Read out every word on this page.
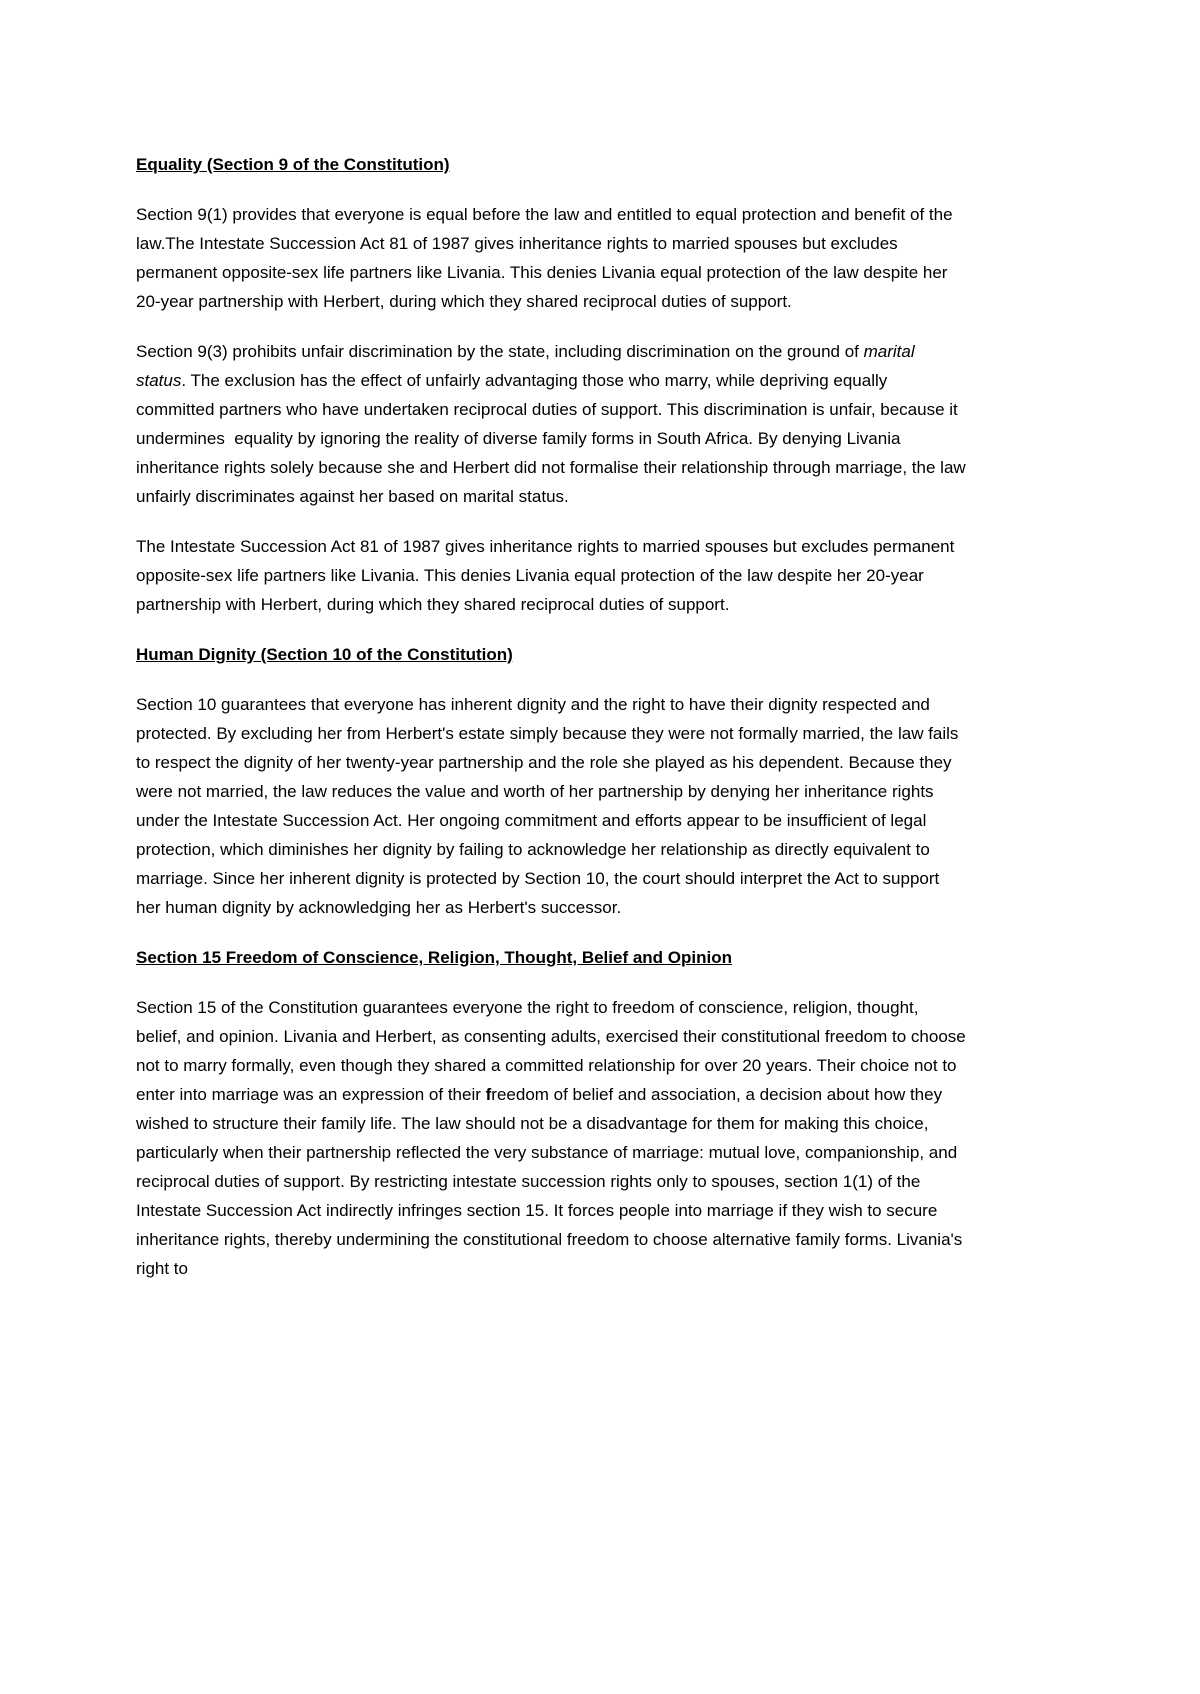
Equality (Section 9 of the Constitution)
Section 9(1) provides that everyone is equal before the law and entitled to equal protection and benefit of the law.The Intestate Succession Act 81 of 1987 gives inheritance rights to married spouses but excludes permanent opposite-sex life partners like Livania. This denies Livania equal protection of the law despite her 20-year partnership with Herbert, during which they shared reciprocal duties of support.
Section 9(3) prohibits unfair discrimination by the state, including discrimination on the ground of marital status. The exclusion has the effect of unfairly advantaging those who marry, while depriving equally committed partners who have undertaken reciprocal duties of support. This discrimination is unfair, because it undermines  equality by ignoring the reality of diverse family forms in South Africa. By denying Livania inheritance rights solely because she and Herbert did not formalise their relationship through marriage, the law unfairly discriminates against her based on marital status.
The Intestate Succession Act 81 of 1987 gives inheritance rights to married spouses but excludes permanent opposite-sex life partners like Livania. This denies Livania equal protection of the law despite her 20-year partnership with Herbert, during which they shared reciprocal duties of support.
Human Dignity (Section 10 of the Constitution)
Section 10 guarantees that everyone has inherent dignity and the right to have their dignity respected and protected. By excluding her from Herbert's estate simply because they were not formally married, the law fails to respect the dignity of her twenty-year partnership and the role she played as his dependent. Because they were not married, the law reduces the value and worth of her partnership by denying her inheritance rights under the Intestate Succession Act. Her ongoing commitment and efforts appear to be insufficient of legal protection, which diminishes her dignity by failing to acknowledge her relationship as directly equivalent to marriage. Since her inherent dignity is protected by Section 10, the court should interpret the Act to support her human dignity by acknowledging her as Herbert's successor.
Section 15 Freedom of Conscience, Religion, Thought, Belief and Opinion
Section 15 of the Constitution guarantees everyone the right to freedom of conscience, religion, thought, belief, and opinion. Livania and Herbert, as consenting adults, exercised their constitutional freedom to choose not to marry formally, even though they shared a committed relationship for over 20 years. Their choice not to enter into marriage was an expression of their freedom of belief and association, a decision about how they wished to structure their family life. The law should not be a disadvantage for them for making this choice, particularly when their partnership reflected the very substance of marriage: mutual love, companionship, and reciprocal duties of support. By restricting intestate succession rights only to spouses, section 1(1) of the Intestate Succession Act indirectly infringes section 15. It forces people into marriage if they wish to secure inheritance rights, thereby undermining the constitutional freedom to choose alternative family forms. Livania's right to
